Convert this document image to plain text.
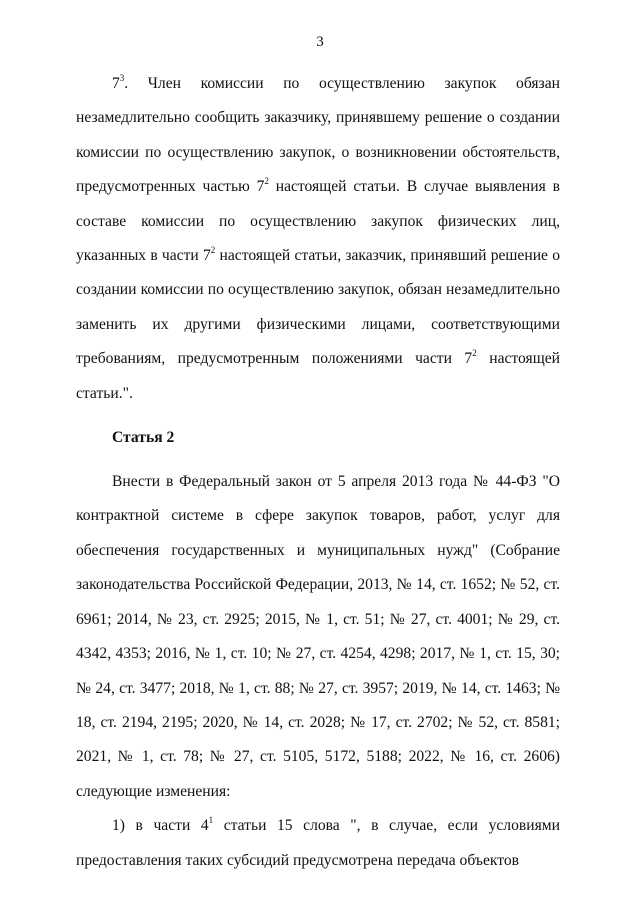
3

$7^3$. Член комиссии по осуществлению закупок обязан незамедлительно сообщить заказчику, принявшему решение о создании комиссии по осуществлению закупок, о возникновении обстоятельств, предусмотренных частью $7^2$ настоящей статьи. В случае выявления в составе комиссии по осуществлению закупок физических лиц, указанных в части $7^2$ настоящей статьи, заказчик, принявший решение о создании комиссии по осуществлению закупок, обязан незамедлительно заменить их другими физическими лицами, соответствующими требованиям, предусмотренным положениями части $7^2$ настоящей статьи.".

Статья 2

Внести в Федеральный закон от 5 апреля 2013 года № 44-ФЗ "О контрактной системе в сфере закупок товаров, работ, услуг для обеспечения государственных и муниципальных нужд" (Собрание законодательства Российской Федерации, 2013, № 14, ст. 1652; № 52, ст. 6961; 2014, № 23, ст. 2925; 2015, № 1, ст. 51; № 27, ст. 4001; № 29, ст. 4342, 4353; 2016, № 1, ст. 10; № 27, ст. 4254, 4298; 2017, № 1, ст. 15, 30; № 24, ст. 3477; 2018, № 1, ст. 88; № 27, ст. 3957; 2019, № 14, ст. 1463; № 18, ст. 2194, 2195; 2020, № 14, ст. 2028; № 17, ст. 2702; № 52, ст. 8581; 2021, № 1, ст. 78; № 27, ст. 5105, 5172, 5188; 2022, № 16, ст. 2606) следующие изменения:

1) в части $4^1$ статьи 15 слова ", в случае, если условиями предоставления таких субсидий предусмотрена передача объектов
